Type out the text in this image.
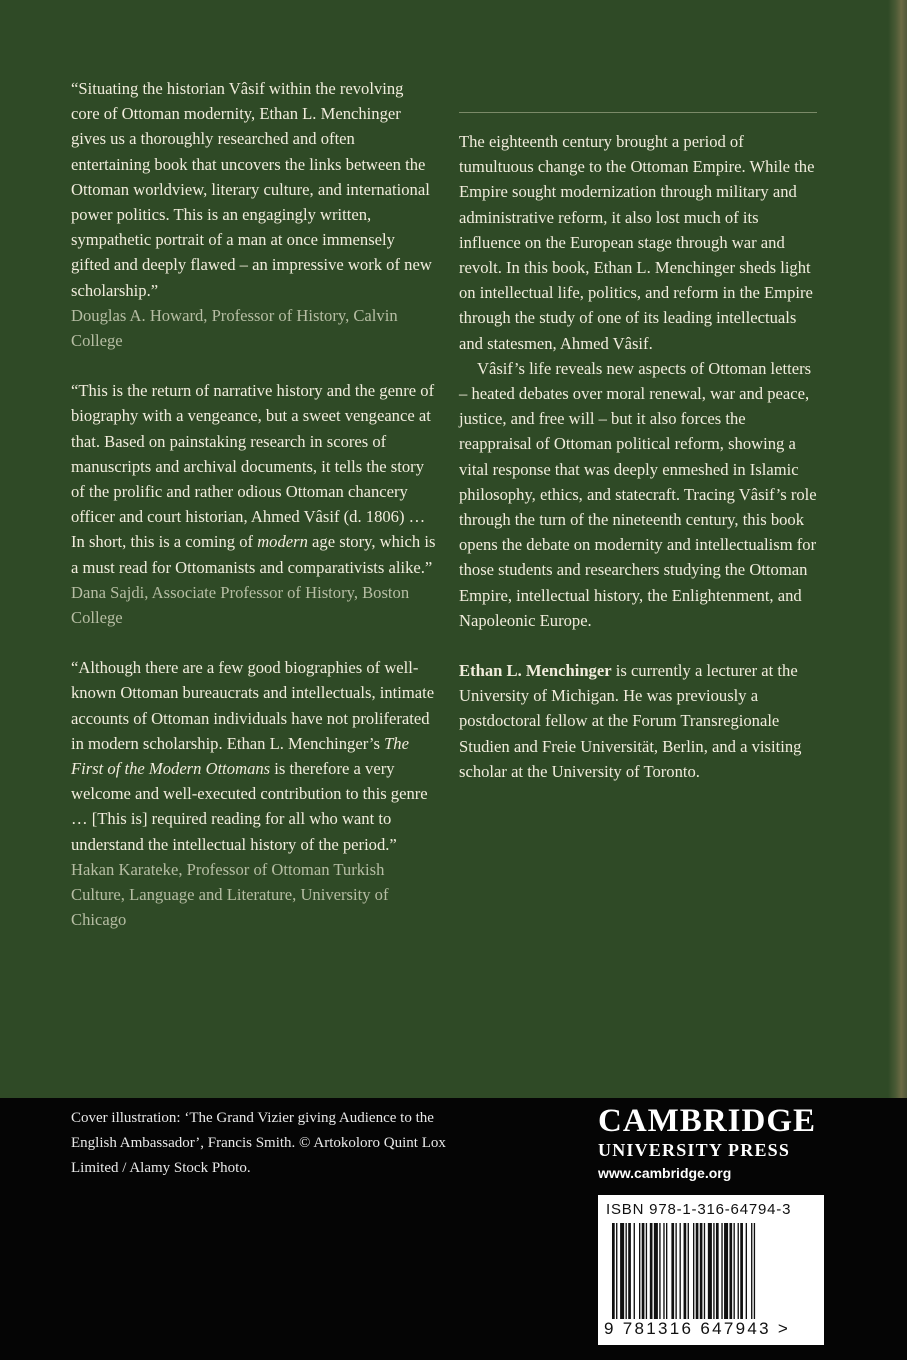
“Situating the historian Vâsif within the revolving core of Ottoman modernity, Ethan L. Menchinger gives us a thoroughly researched and often entertaining book that uncovers the links between the Ottoman worldview, literary culture, and international power politics. This is an engagingly written, sympathetic portrait of a man at once immensely gifted and deeply flawed – an impressive work of new scholarship.”

Douglas A. Howard, Professor of History, Calvin College

“This is the return of narrative history and the genre of biography with a vengeance, but a sweet vengeance at that. Based on painstaking research in scores of manuscripts and archival documents, it tells the story of the prolific and rather odious Ottoman chancery officer and court historian, Ahmed Vâsif (d. 1806) … In short, this is a coming of modern age story, which is a must read for Ottomanists and comparativists alike.”

Dana Sajdi, Associate Professor of History, Boston College

“Although there are a few good biographies of well-known Ottoman bureaucrats and intellectuals, intimate accounts of Ottoman individuals have not proliferated in modern scholarship. Ethan L. Menchinger’s The First of the Modern Ottomans is therefore a very welcome and well-executed contribution to this genre … [This is] required reading for all who want to understand the intellectual history of the period.”

Hakan Karateke, Professor of Ottoman Turkish Culture, Language and Literature, University of Chicago

The eighteenth century brought a period of tumultuous change to the Ottoman Empire. While the Empire sought modernization through military and administrative reform, it also lost much of its influence on the European stage through war and revolt. In this book, Ethan L. Menchinger sheds light on intellectual life, politics, and reform in the Empire through the study of one of its leading intellectuals and statesmen, Ahmed Vâsif.

Vâsif’s life reveals new aspects of Ottoman letters – heated debates over moral renewal, war and peace, justice, and free will – but it also forces the reappraisal of Ottoman political reform, showing a vital response that was deeply enmeshed in Islamic philosophy, ethics, and statecraft. Tracing Vâsif’s role through the turn of the nineteenth century, this book opens the debate on modernity and intellectualism for those students and researchers studying the Ottoman Empire, intellectual history, the Enlightenment, and Napoleonic Europe.

Ethan L. Menchinger is currently a lecturer at the University of Michigan. He was previously a postdoctoral fellow at the Forum Transregionale Studien and Freie Universität, Berlin, and a visiting scholar at the University of Toronto.

Cover illustration: ‘The Grand Vizier giving Audience to the English Ambassador’, Francis Smith. © Artokoloro Quint Lox Limited / Alamy Stock Photo.

CAMBRIDGE

UNIVERSITY PRESS

www.cambridge.org

ISBN 978-1-316-64794-3
9 781316 647943 >
